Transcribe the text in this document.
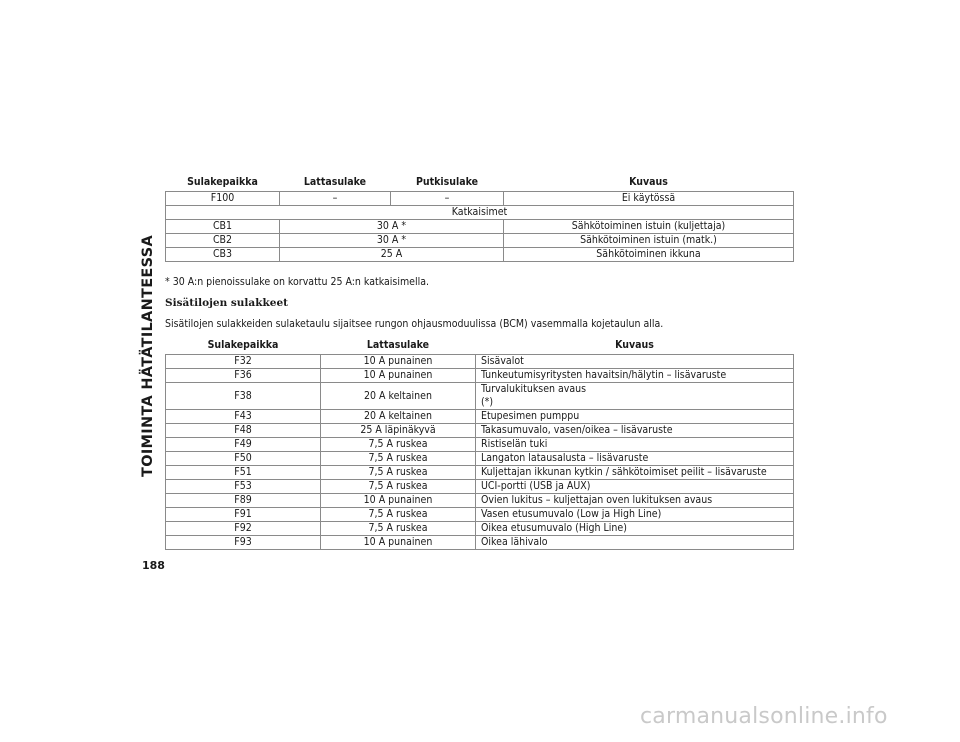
TOIMINTA HÄTÄTILANTEESSA
188
Sulakepaikka	Lattasulake	Putkisulake	Kuvaus
F100	–	–	Ei käytössä
Katkaisimet			
CB1	30 A *		Sähkötoiminen istuin (kuljettaja)
CB2	30 A *		Sähkötoiminen istuin (matk.)
CB3	25 A		Sähkötoiminen ikkuna
* 30 A:n pienoissulake on korvattu 25 A:n katkaisimella.
Sisätilojen sulakkeet
Sisätilojen sulakkeiden sulaketaulu sijaitsee rungon ohjausmoduulissa (BCM) vasemmalla kojetaulun alla.
Sulakepaikka	Lattasulake	Kuvaus
F32	10 A punainen	Sisävalot

F36	10 A punainen	Tunkeutumisyritysten havaitsin/hälytin – lisävaruste

F38	20 A keltainen	Turvalukituksen avaus
(*)

F43	20 A keltainen	Etupesimen pumppu

F48	25 A läpinäkyvä	Takasumuvalo, vasen/oikea – lisävaruste

F49	7,5 A ruskea	Ristiselän tuki

F50	7,5 A ruskea	Langaton latausalusta – lisävaruste

F51	7,5 A ruskea	Kuljettajan ikkunan kytkin / sähkötoimiset peilit – lisävaruste

F53	7,5 A ruskea	UCI-portti (USB ja AUX)

F89	10 A punainen	Ovien lukitus – kuljettajan oven lukituksen avaus

F91	7,5 A ruskea	Vasen etusumuvalo (Low ja High Line)

F92	7,5 A ruskea	Oikea etusumuvalo (High Line)

F93	10 A punainen	Oikea lähivalo
carmanualsonline.info
